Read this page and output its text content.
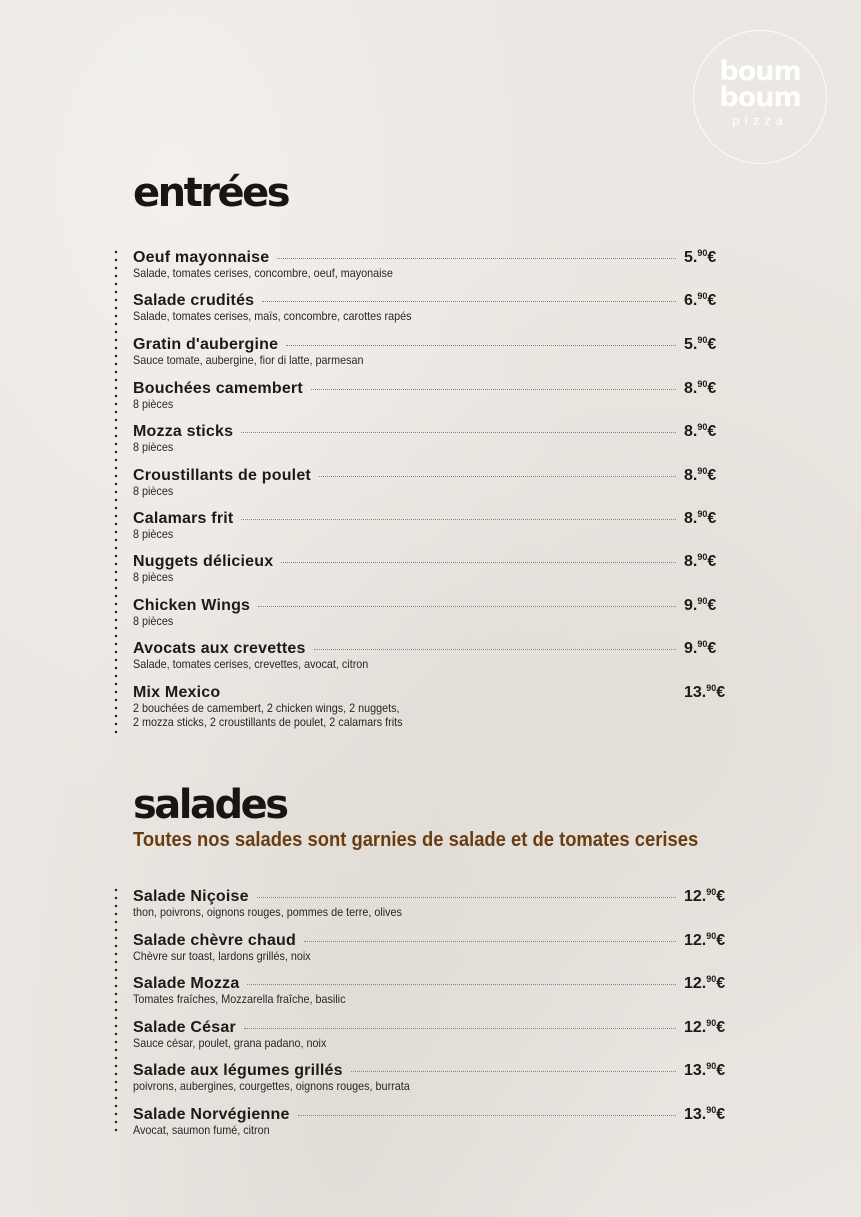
boum
boum
pizza
entrées
Oeuf mayonnaise	5.90€
Salade, tomates cerises, concombre, oeuf, mayonaise
Salade crudités	6.90€
Salade, tomates cerises, maïs, concombre, carottes rapés
Gratin d'aubergine	5.90€
Sauce tomate, aubergine, fior di latte, parmesan
Bouchées camembert	8.90€
8 pièces
Mozza sticks	8.90€
8 pièces
Croustillants de poulet	8.90€
8 pièces
Calamars frit	8.90€
8 pièces
Nuggets délicieux	8.90€
8 pièces
Chicken Wings	9.90€
8 pièces
Avocats aux crevettes	9.90€
Salade, tomates cerises, crevettes, avocat, citron
Mix Mexico	13.90€
2 bouchées de camembert, 2 chicken wings, 2 nuggets,
2 mozza sticks, 2 croustillants de poulet, 2 calamars frits
salades

Toutes nos salades sont garnies de salade et de tomates cerises

Salade Niçoise	12.90€
thon, poivrons, oignons rouges, pommes de terre, olives
Salade chèvre chaud	12.90€
Chèvre sur toast, lardons grillés, noix
Salade Mozza	12.90€
Tomates fraîches, Mozzarella fraîche, basilic
Salade César	12.90€
Sauce césar, poulet, grana padano, noix
Salade aux légumes grillés	13.90€
poivrons, aubergines, courgettes, oignons rouges, burrata
Salade Norvégienne	13.90€
Avocat, saumon fumé, citron
